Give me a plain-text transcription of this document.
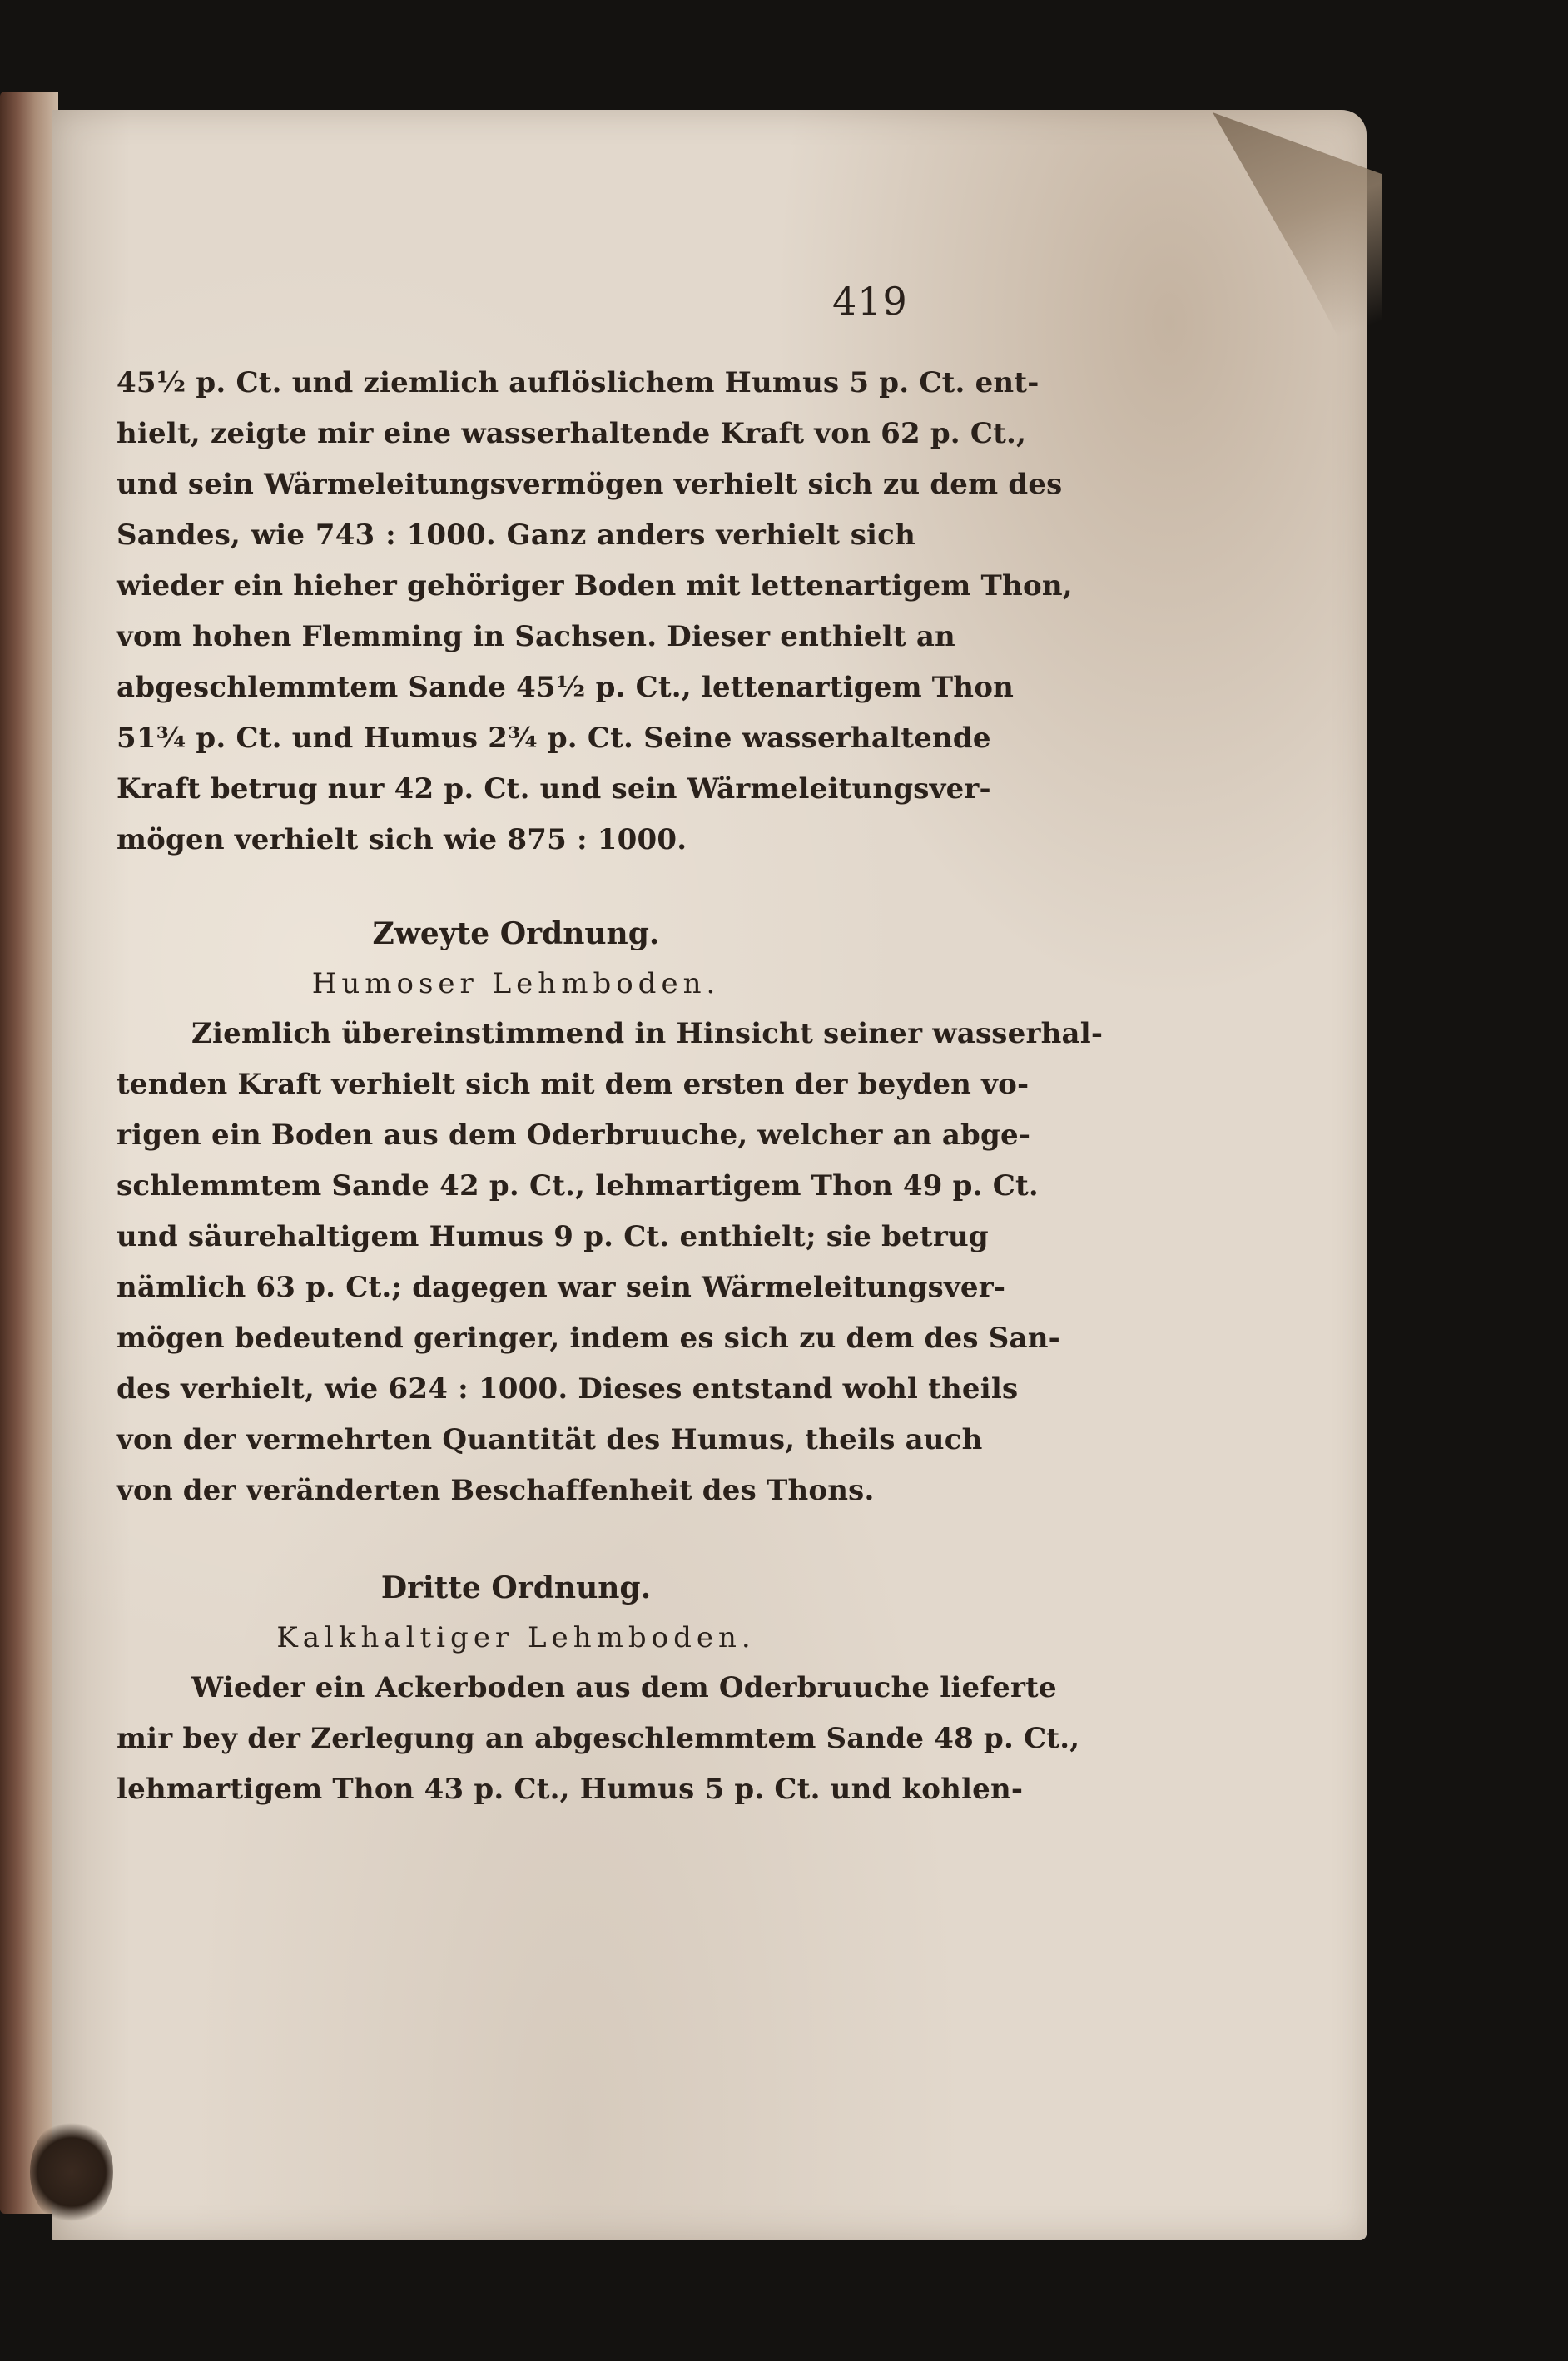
419
45½ p. Ct. und ziemlich auflöslichem Humus 5 p. Ct. ent-
hielt, zeigte mir eine wasserhaltende Kraft von 62 p. Ct.,
und sein Wärmeleitungsvermögen verhielt sich zu dem des
Sandes, wie 743 : 1000. Ganz anders verhielt sich
wieder ein hieher gehöriger Boden mit lettenartigem Thon,
vom hohen Flemming in Sachsen. Dieser enthielt an
abgeschlemmtem Sande 45½ p. Ct., lettenartigem Thon
51¾ p. Ct. und Humus 2¾ p. Ct. Seine wasserhaltende
Kraft betrug nur 42 p. Ct. und sein Wärmeleitungsver-
mögen verhielt sich wie 875 : 1000.
Zweyte Ordnung.
Humoser Lehmboden.
Ziemlich übereinstimmend in Hinsicht seiner wasserhal-
tenden Kraft verhielt sich mit dem ersten der beyden vo-
rigen ein Boden aus dem Oderbruuche, welcher an abge-
schlemmtem Sande 42 p. Ct., lehmartigem Thon 49 p. Ct.
und säurehaltigem Humus 9 p. Ct. enthielt; sie betrug
nämlich 63 p. Ct.; dagegen war sein Wärmeleitungsver-
mögen bedeutend geringer, indem es sich zu dem des San-
des verhielt, wie 624 : 1000. Dieses entstand wohl theils
von der vermehrten Quantität des Humus, theils auch
von der veränderten Beschaffenheit des Thons.
Dritte Ordnung.
Kalkhaltiger Lehmboden.
Wieder ein Ackerboden aus dem Oderbruuche lieferte
mir bey der Zerlegung an abgeschlemmtem Sande 48 p. Ct.,
lehmartigem Thon 43 p. Ct., Humus 5 p. Ct. und kohlen-
